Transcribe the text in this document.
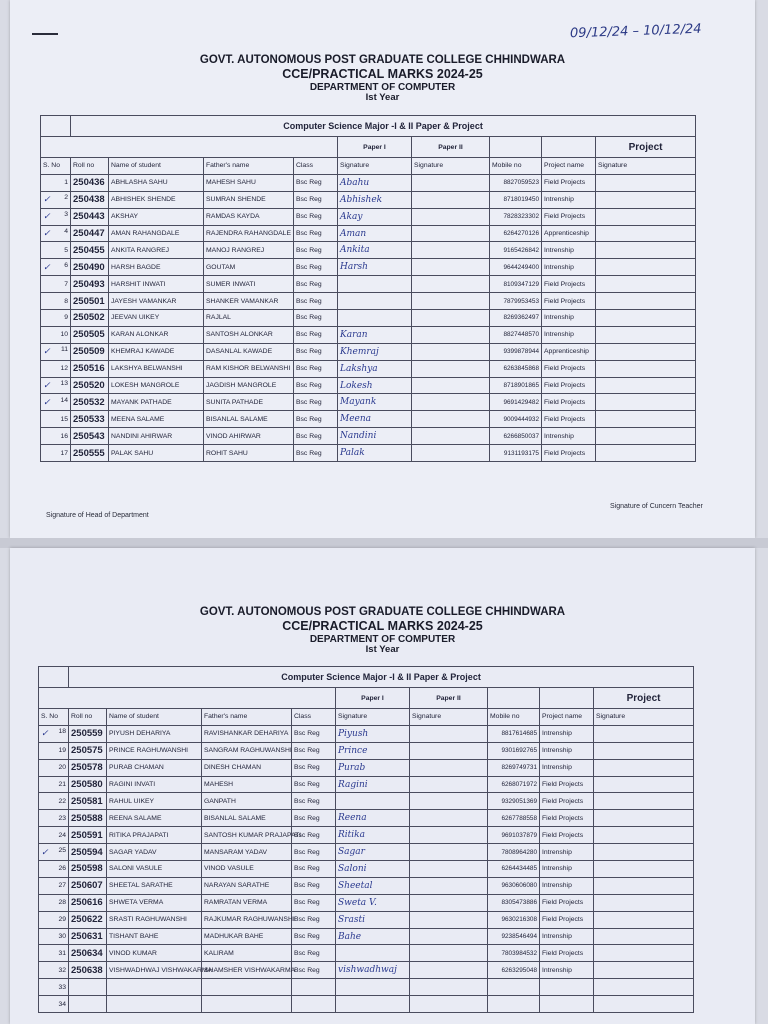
09/12/24 – 10/12/24
GOVT. AUTONOMOUS POST GRADUATE COLLEGE CHHINDWARA
CCE/PRACTICAL MARKS 2024-25
DEPARTMENT OF COMPUTER
Ist Year
	Computer Science Major -I & II Paper & Project								
					Paper I	Paper II			Project
S. No	Roll no	Name of student	Father's name	Class	Signature	Signature	Mobile no	Project name	Signature
1	250436	ABHLASHA SAHU	MAHESH SAHU	Bsc Reg	Abahu		8827059523	Field Projects	

✓ 2	250438	ABHISHEK SHENDE	SUMRAN SHENDE	Bsc Reg	Abhishek		8718019450	Intrenship	

✓ 3	250443	AKSHAY	RAMDAS KAYDA	Bsc Reg	Akay		7828323302	Field Projects	

✓ 4	250447	AMAN RAHANGDALE	RAJENDRA RAHANGDALE	Bsc Reg	Aman		6264270126	Apprenticeship	
5	250455	ANKITA RANGREJ	MANOJ RANGREJ	Bsc Reg	Ankita		9165426842	Intrenship	

✓ 6	250490	HARSH BAGDE	GOUTAM	Bsc Reg	Harsh		9644249400	Intrenship	
7	250493	HARSHIT INWATI	SUMER INWATI	Bsc Reg			8109347129	Field Projects	
8	250501	JAYESH VAMANKAR	SHANKER VAMANKAR	Bsc Reg			7879953453	Field Projects	
9	250502	JEEVAN UIKEY	RAJLAL	Bsc Reg			8269362497	Intrenship	
10	250505	KARAN ALONKAR	SANTOSH ALONKAR	Bsc Reg	Karan		8827448570	Intrenship	

✓ 11	250509	KHEMRAJ KAWADE	DASANLAL KAWADE	Bsc Reg	Khemraj		9399878944	Apprenticeship	
12	250516	LAKSHYA BELWANSHI	RAM KISHOR BELWANSHI	Bsc Reg	Lakshya		6263845868	Field Projects	

✓ 13	250520	LOKESH MANGROLE	JAGDISH MANGROLE	Bsc Reg	Lokesh		8718901865	Field Projects	

✓ 14	250532	MAYANK PATHADE	SUNITA PATHADE	Bsc Reg	Mayank		9691429482	Field Projects	
15	250533	MEENA SALAME	BISANLAL SALAME	Bsc Reg	Meena		9009444932	Field Projects	
16	250543	NANDINI AHIRWAR	VINOD AHIRWAR	Bsc Reg	Nandini		6266850037	Intrenship	
17	250555	PALAK SAHU	ROHIT SAHU	Bsc Reg	Palak		9131193175	Field Projects	
Signature of Head of Department
Signature of Cuncern Teacher
GOVT. AUTONOMOUS POST GRADUATE COLLEGE CHHINDWARA
CCE/PRACTICAL MARKS 2024-25
DEPARTMENT OF COMPUTER
Ist Year
	Computer Science Major -I & II Paper & Project								
					Paper I	Paper II			Project
S. No	Roll no	Name of student	Father's name	Class	Signature	Signature	Mobile no	Project name	Signature

✓ 18	250559	PIYUSH DEHARIYA	RAVISHANKAR DEHARIYA	Bsc Reg	Piyush		8817614685	Intrenship	
19	250575	PRINCE RAGHUWANSHI	SANGRAM RAGHUWANSHI	Bsc Reg	Prince		9301692765	Intrenship	
20	250578	PURAB CHAMAN	DINESH CHAMAN	Bsc Reg	Purab		8269749731	Intrenship	
21	250580	RAGINI INVATI	MAHESH	Bsc Reg	Ragini		6268071972	Field Projects	
22	250581	RAHUL UIKEY	GANPATH	Bsc Reg			9329051369	Field Projects	
23	250588	REENA SALAME	BISANLAL SALAME	Bsc Reg	Reena		6267788558	Field Projects	
24	250591	RITIKA PRAJAPATI	SANTOSH KUMAR PRAJAPATI	Bsc Reg	Ritika		9691037879	Field Projects	

✓ 25	250594	SAGAR YADAV	MANSARAM YADAV	Bsc Reg	Sagar		7808964280	Intrenship	
26	250598	SALONI VASULE	VINOD VASULE	Bsc Reg	Saloni		6264434485	Intrenship	
27	250607	SHEETAL SARATHE	NARAYAN SARATHE	Bsc Reg	Sheetal		9630606080	Intrenship	
28	250616	SHWETA VERMA	RAMRATAN VERMA	Bsc Reg	Sweta V.		8305473886	Field Projects	
29	250622	SRASTI RAGHUWANSHI	RAJKUMAR RAGHUWANSHI	Bsc Reg	Srasti		9630216308	Field Projects	
30	250631	TISHANT BAHE	MADHUKAR BAHE	Bsc Reg	Bahe		9238546494	Intrenship	
31	250634	VINOD KUMAR	KALIRAM	Bsc Reg			7803984532	Field Projects	
32	250638	VISHWADHWAJ VISHWAKARMA	SHAMSHER VISHWAKARMA	Bsc Reg	vishwadhwaj		6263295048	Intrenship	
33									
34									
